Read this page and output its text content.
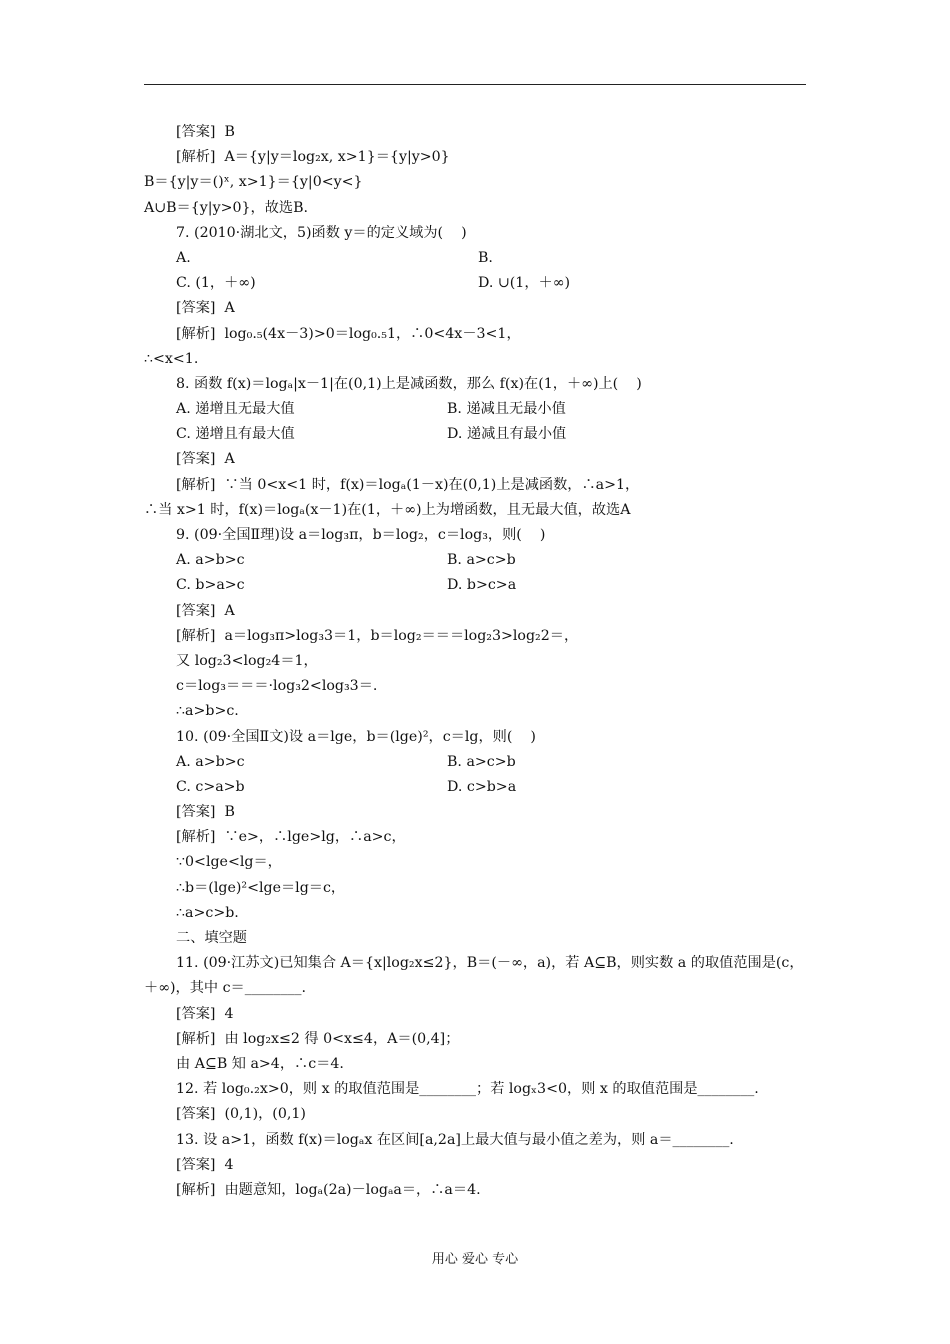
[答案]  B
[解析]  A＝{y|y＝log₂x, x>1}＝{y|y>0}
B＝{y|y＝()ˣ, x>1}＝{y|0<y<}
A∪B＝{y|y>0}，故选B.
7. (2010·湖北文，5)函数 y＝的定义域为(    )
A.	B.
C. (1，＋∞)	D. ∪(1，＋∞)
[答案]  A
[解析]  log₀.₅(4x－3)>0＝log₀.₅1，∴0<4x－3<1，
∴<x<1.
8. 函数 f(x)＝logₐ|x－1|在(0,1)上是减函数，那么 f(x)在(1，＋∞)上(    )
A. 递增且无最大值	B. 递减且无最小值
C. 递增且有最大值	D. 递减且有最小值
[答案]  A
[解析]  ∵当 0<x<1 时，f(x)＝logₐ(1－x)在(0,1)上是减函数，∴a>1，
∴当 x>1 时，f(x)＝logₐ(x－1)在(1，＋∞)上为增函数，且无最大值，故选A
9. (09·全国Ⅱ理)设 a＝log₃π，b＝log₂，c＝log₃，则(    )
A. a>b>c	B. a>c>b
C. b>a>c	D. b>c>a
[答案]  A
[解析]  a＝log₃π>log₃3＝1，b＝log₂＝＝＝log₂3>log₂2＝，
又 log₂3<log₂4＝1，
c＝log₃＝＝＝·log₃2<log₃3＝.
∴a>b>c.
10. (09·全国Ⅱ文)设 a＝lge，b＝(lge)²，c＝lg，则(    )
A. a>b>c	B. a>c>b
C. c>a>b	D. c>b>a
[答案]  B
[解析]  ∵e>，∴lge>lg，∴a>c，
∵0<lge<lg＝，
∴b＝(lge)²<lge＝lg＝c，
∴a>c>b.
二、填空题
11. (09·江苏文)已知集合 A＝{x|log₂x≤2}，B＝(－∞，a)，若 A⊆B，则实数 a 的取值范围是(c，＋∞)，其中 c＝________.
[答案]  4
[解析]  由 log₂x≤2 得 0<x≤4，A＝(0,4]；
由 A⊆B 知 a>4，∴c＝4.
12. 若 log₀.₂x>0，则 x 的取值范围是________；若 logₓ3<0，则 x 的取值范围是________.
[答案]  (0,1)，(0,1)
13. 设 a>1，函数 f(x)＝logₐx 在区间[a,2a]上最大值与最小值之差为，则 a＝________.
[答案]  4
[解析]  由题意知，logₐ(2a)－logₐa＝，∴a＝4.
用心 爱心 专心
